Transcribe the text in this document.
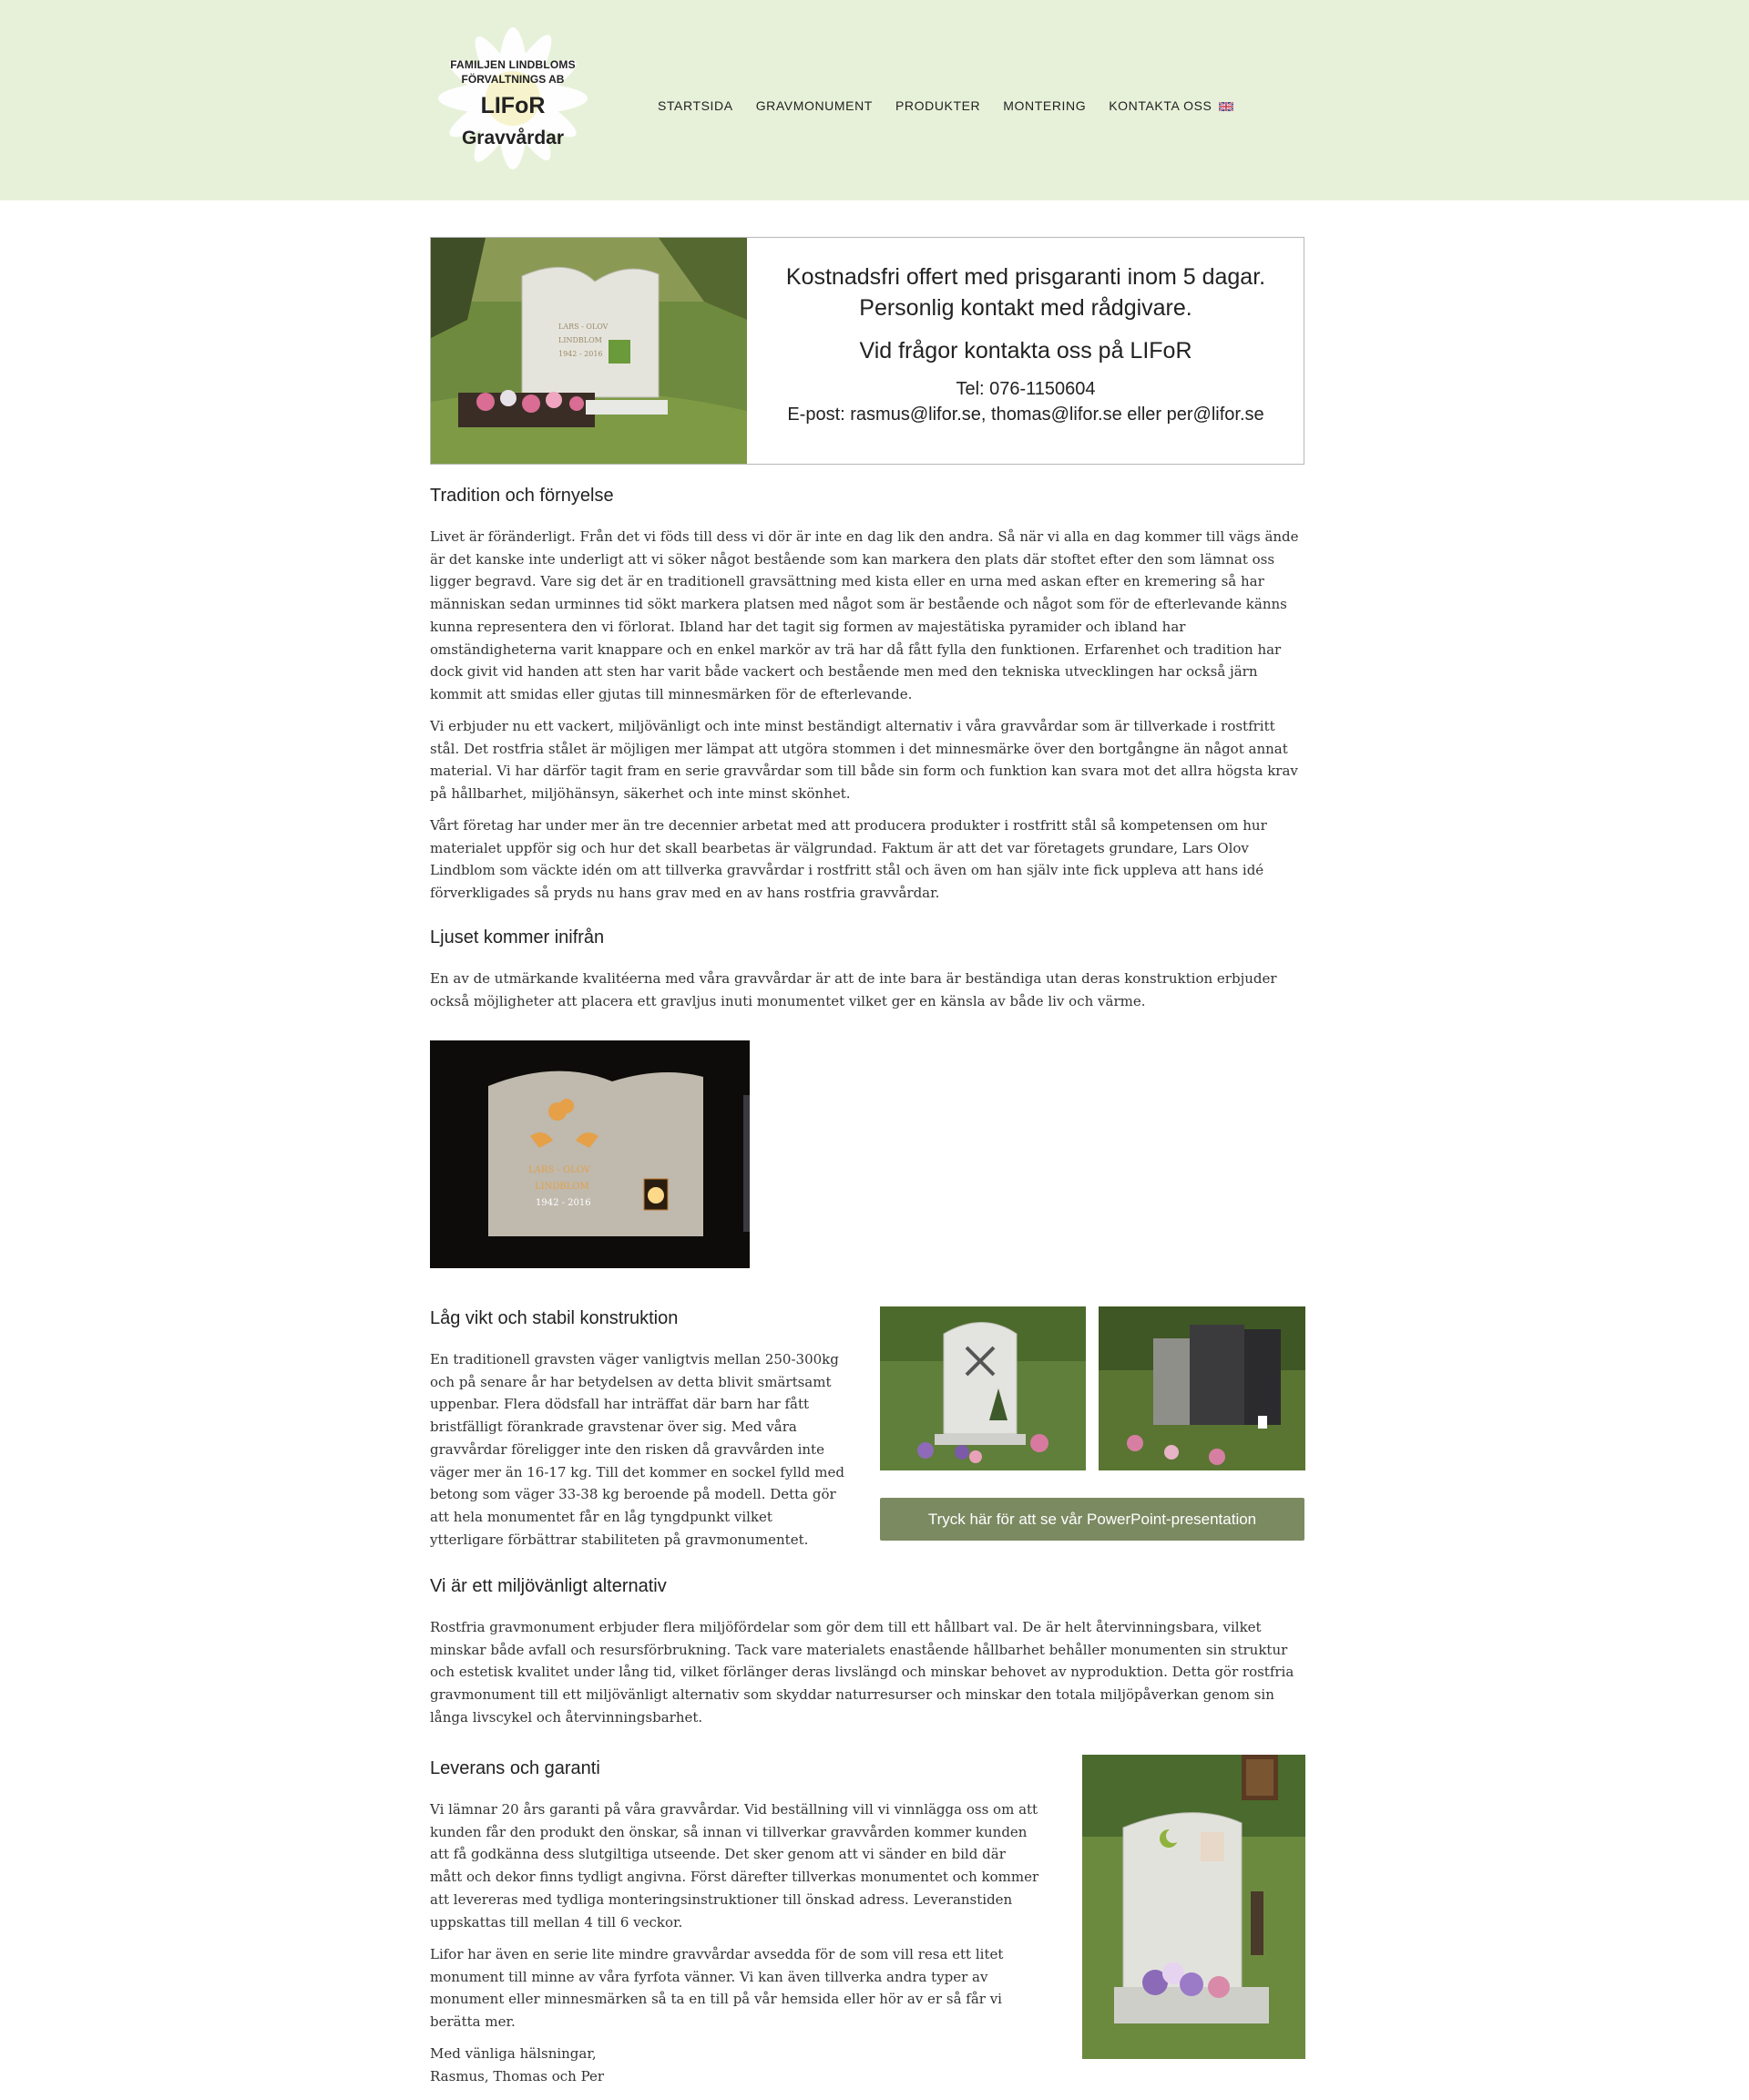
FAMILJEN LINDBLOMS
FÖRVALTNINGS AB
LIFoR
Gravvårdar
STARTSIDA GRAVMONUMENT PRODUKTER MONTERING KONTAKTA OSS
LARS - OLOV
LINDBLOM
1942 - 2016
Kostnadsfri offert med prisgaranti inom 5 dagar.
Personlig kontakt med rådgivare.
Vid frågor kontakta oss på LIFoR
Tel: 076-1150604
E-post: rasmus@lifor.se, thomas@lifor.se eller per@lifor.se
Tradition och förnyelse

Livet är föränderligt. Från det vi föds till dess vi dör är inte en dag lik den andra. Så när vi alla en dag kommer till vägs ände är det kanske inte underligt att vi söker något bestående som kan markera den plats där stoftet efter den som lämnat oss ligger begravd. Vare sig det är en traditionell gravsättning med kista eller en urna med askan efter en kremering så har människan sedan urminnes tid sökt markera platsen med något som är bestående och något som för de efterlevande känns kunna representera den vi förlorat. Ibland har det tagit sig formen av majestätiska pyramider och ibland har omständigheterna varit knappare och en enkel markör av trä har då fått fylla den funktionen. Erfarenhet och tradition har dock givit vid handen att sten har varit både vackert och bestående men med den tekniska utvecklingen har också järn kommit att smidas eller gjutas till minnesmärken för de efterlevande.

Vi erbjuder nu ett vackert, miljövänligt och inte minst beständigt alternativ i våra gravvårdar som är tillverkade i rostfritt stål. Det rostfria stålet är möjligen mer lämpat att utgöra stommen i det minnesmärke över den bortgångne än något annat material. Vi har därför tagit fram en serie gravvårdar som till både sin form och funktion kan svara mot det allra högsta krav på hållbarhet, miljöhänsyn, säkerhet och inte minst skönhet.

Vårt företag har under mer än tre decennier arbetat med att producera produkter i rostfritt stål så kompetensen om hur materialet uppför sig och hur det skall bearbetas är välgrundad. Faktum är att det var företagets grundare, Lars Olov Lindblom som väckte idén om att tillverka gravvårdar i rostfritt stål och även om han själv inte fick uppleva att hans idé förverkligades så pryds nu hans grav med en av hans rostfria gravvårdar.

Ljuset kommer inifrån

En av de utmärkande kvalitéerna med våra gravvårdar är att de inte bara är beständiga utan deras konstruktion erbjuder också möjligheter att placera ett gravljus inuti monumentet vilket ger en känsla av både liv och värme.

LARS - OLOV
LINDBLOM
1942 - 2016
Låg vikt och stabil konstruktion

En traditionell gravsten väger vanligtvis mellan 250-300kg och på senare år har betydelsen av detta blivit smärtsamt uppenbar. Flera dödsfall har inträffat där barn har fått bristfälligt förankrade gravstenar över sig. Med våra gravvårdar föreligger inte den risken då gravvården inte väger mer än 16-17 kg. Till det kommer en sockel fylld med betong som väger 33-38 kg beroende på modell. Detta gör att hela monumentet får en låg tyngdpunkt vilket ytterligare förbättrar stabiliteten på gravmonumentet.

Tryck här för att se vår PowerPoint-presentation
Vi är ett miljövänligt alternativ

Rostfria gravmonument erbjuder flera miljöfördelar som gör dem till ett hållbart val. De är helt återvinningsbara, vilket minskar både avfall och resursförbrukning. Tack vare materialets enastående hållbarhet behåller monumenten sin struktur och estetisk kvalitet under lång tid, vilket förlänger deras livslängd och minskar behovet av nyproduktion. Detta gör rostfria gravmonument till ett miljövänligt alternativ som skyddar naturresurser och minskar den totala miljöpåverkan genom sin långa livscykel och återvinningsbarhet.

Leverans och garanti

Vi lämnar 20 års garanti på våra gravvårdar. Vid beställning vill vi vinnlägga oss om att kunden får den produkt den önskar, så innan vi tillverkar gravvården kommer kunden att få godkänna dess slutgiltiga utseende. Det sker genom att vi sänder en bild där mått och dekor finns tydligt angivna. Först därefter tillverkas monumentet och kommer att levereras med tydliga monteringsinstruktioner till önskad adress. Leveranstiden uppskattas till mellan 4 till 6 veckor.

Lifor har även en serie lite mindre gravvårdar avsedda för de som vill resa ett litet monument till minne av våra fyrfota vänner. Vi kan även tillverka andra typer av monument eller minnesmärken så ta en till på vår hemsida eller hör av er så får vi berätta mer.

Med vänliga hälsningar,

Rasmus, Thomas och Per
